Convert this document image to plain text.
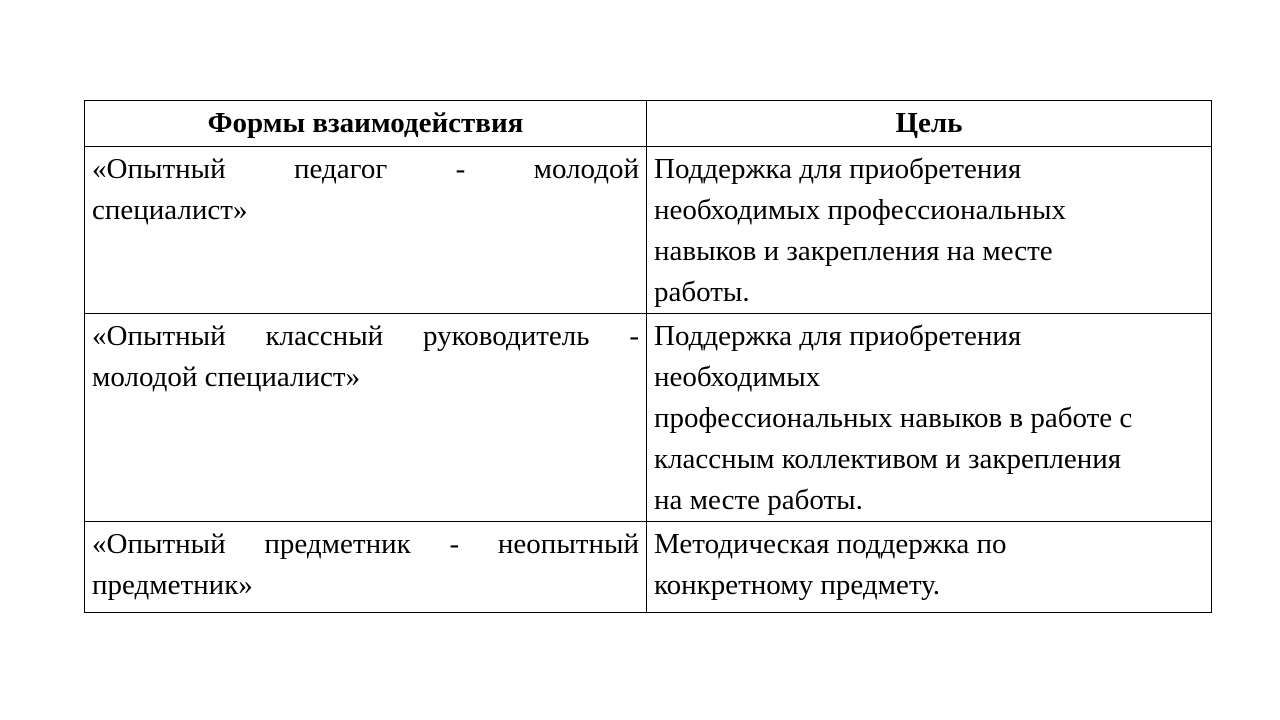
Формы взаимодействия	Цель

«Опытный педагог - молодой
специалист»	Поддержка для приобретения
необходимых профессиональных
навыков и закрепления на месте
работы.

«Опытный классный руководитель -
молодой специалист»	Поддержка для приобретения
необходимых
профессиональных навыков в работе с
классным коллективом и закрепления
на месте работы.

«Опытный предметник - неопытный
предметник»	Методическая поддержка по
конкретному предмету.
